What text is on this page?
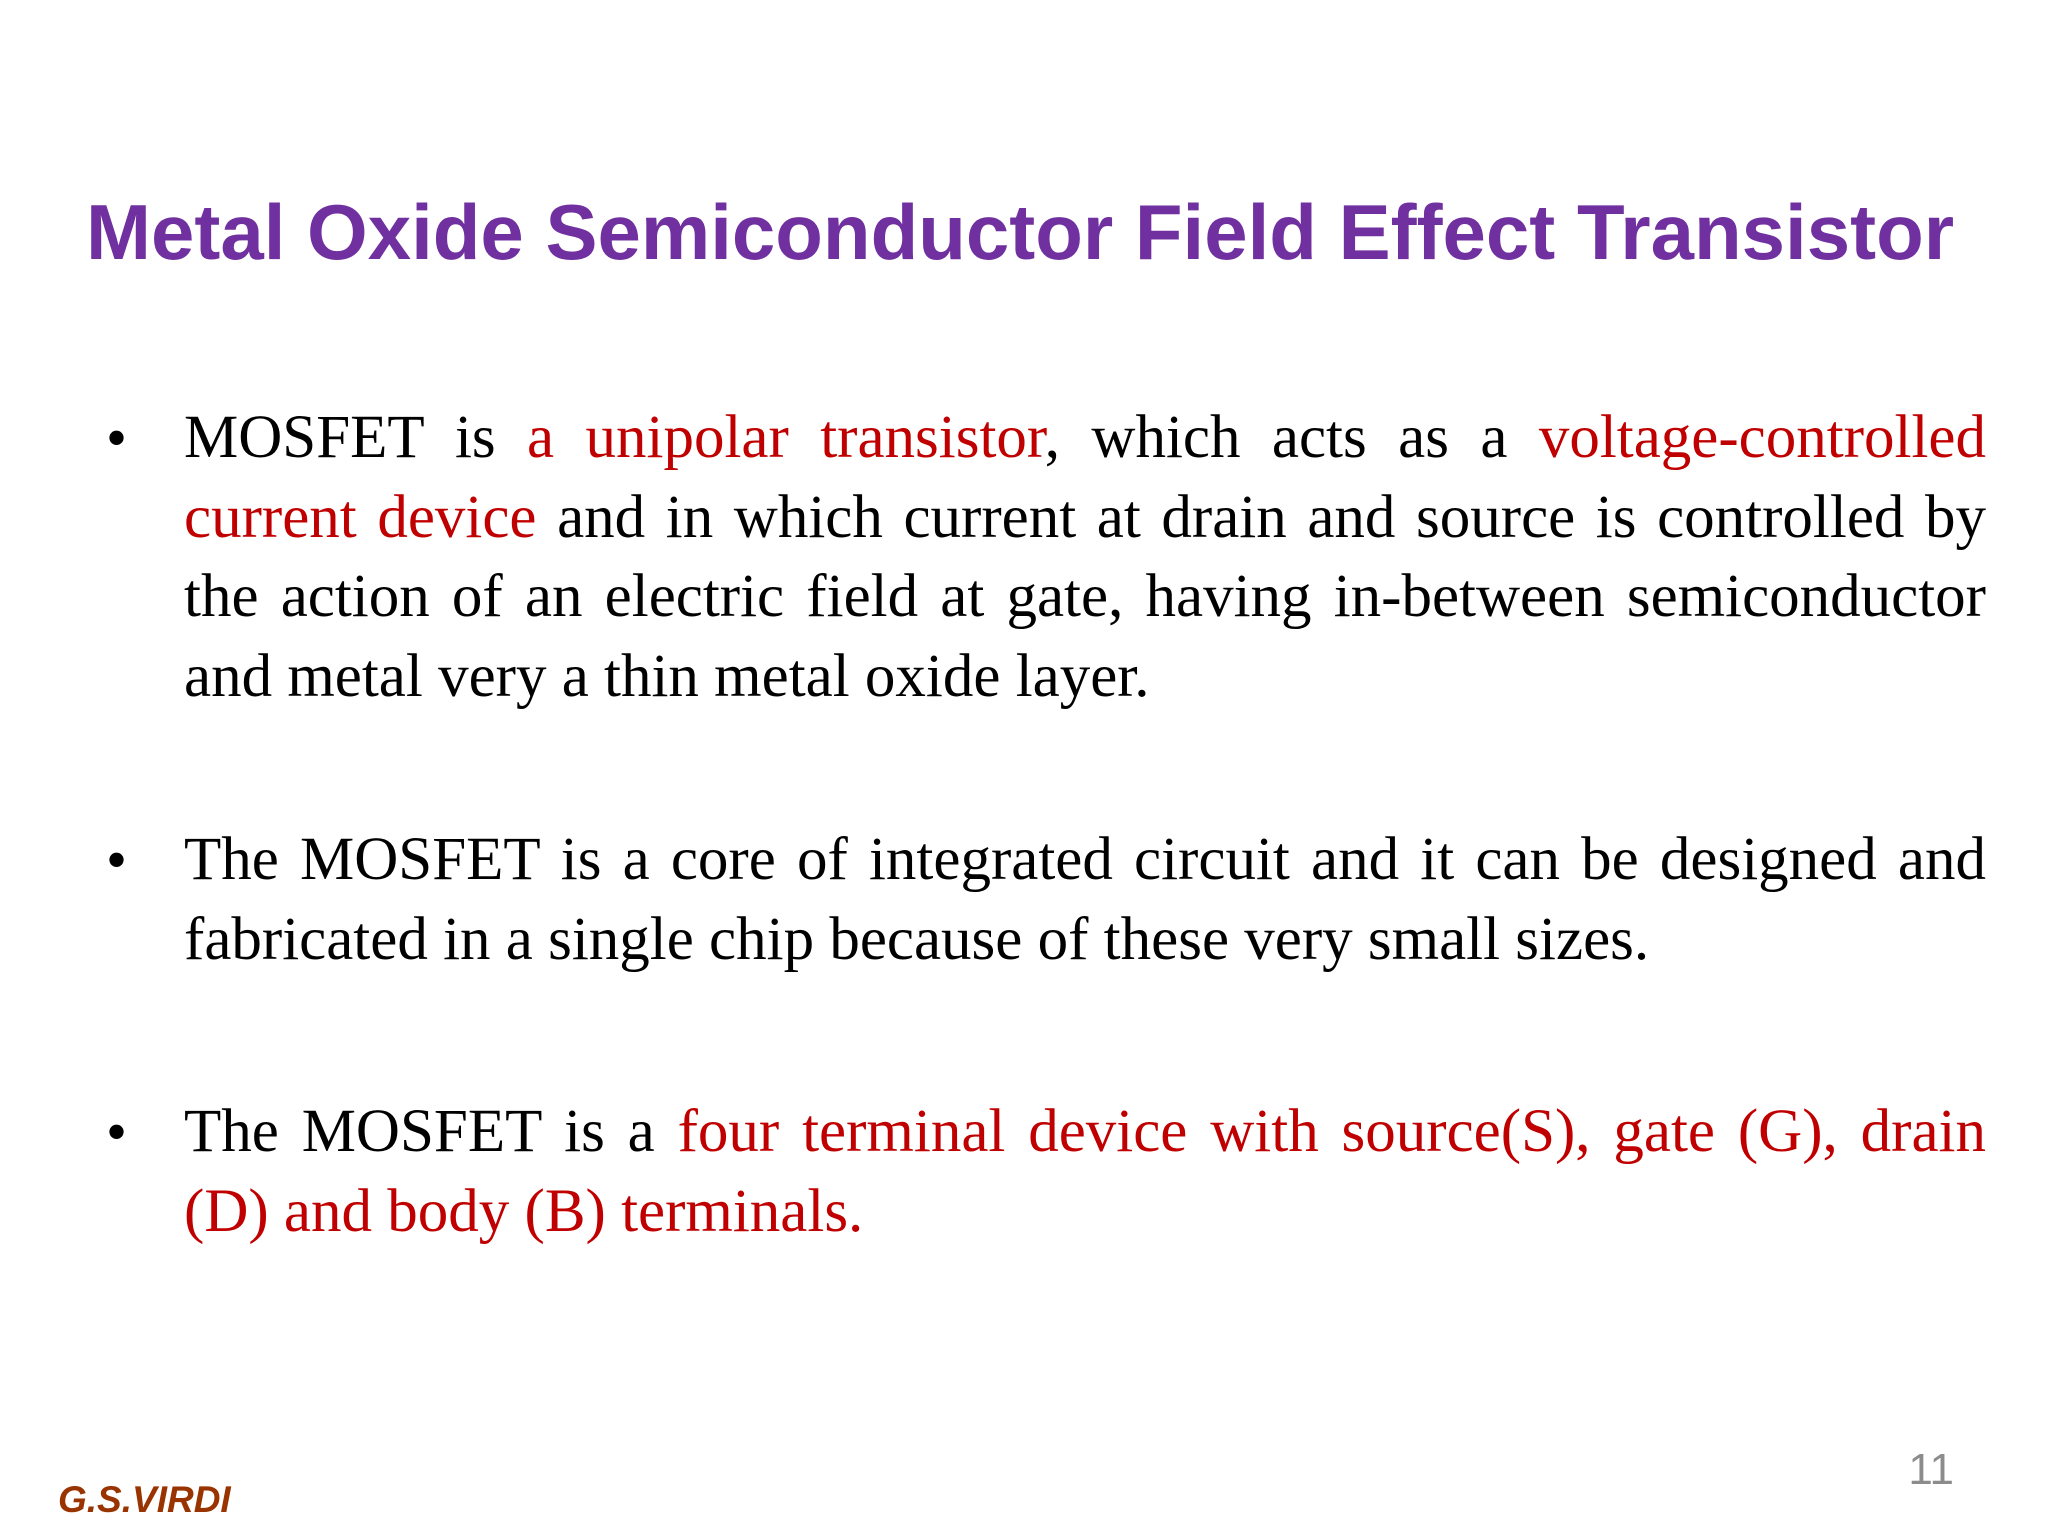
Metal Oxide Semiconductor Field Effect Transistor
• MOSFET is a unipolar transistor, which acts as a voltage-controlled current device and in which current at drain and source is controlled by the action of an electric field at gate, having in-between semiconductor and metal very a thin metal oxide layer.

• The MOSFET is a core of integrated circuit and it can be designed and fabricated in a single chip because of these very small sizes.

• The MOSFET is a four terminal device with source(S), gate (G), drain (D) and body (B) terminals.

G.S.VIRDI
11
